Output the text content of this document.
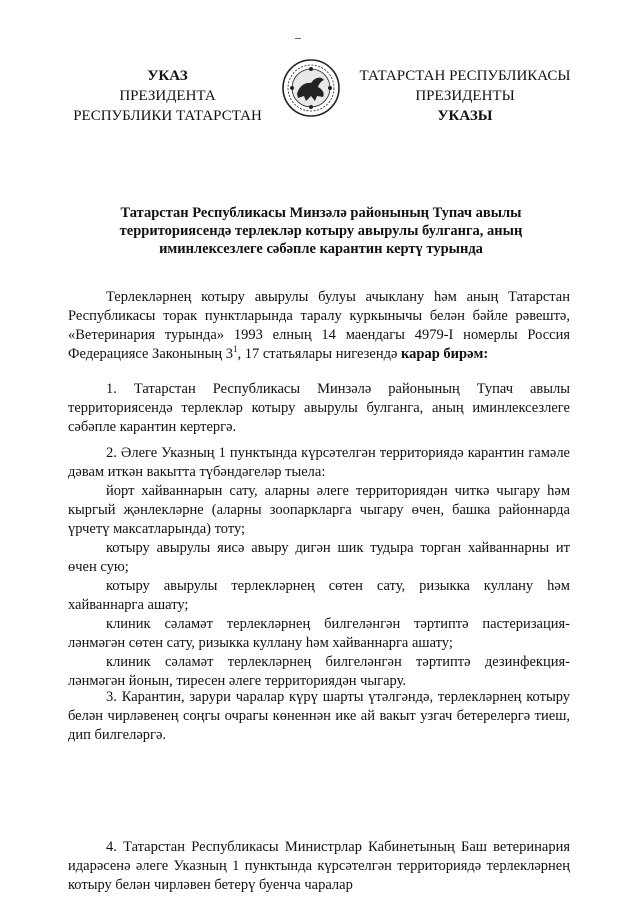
УКАЗ
ПРЕЗИДЕНТА
РЕСПУБЛИКИ ТАТАРСТАН
ТАТАРСТАН РЕСПУБЛИКАСЫ
ПРЕЗИДЕНТЫ
УКАЗЫ
Татарстан Республикасы Минзәлә районының Тупач авылы
территориясендә терлекләр котыру авырулы булганга, аның
иминлексезлеге сәбәпле карантин кертү турында

Терлекләрнең котыру авырулы булуы ачыклану һәм аның Татарстан Республикасы торак пунктларында таралу куркынычы белән бәйле рәвештә, «Ветеринария турында» 1993 елның 14 маендагы 4979-I номерлы Россия Федерациясе Законының $3^1$, 17 статьялары нигезендә карар бирәм:

1. Татарстан Республикасы Минзәлә районының Тупач авылы территориясендә терлекләр котыру авырулы булганга, аның иминлексезлеге сәбәпле карантин кертергә.

2. Әлеге Указның 1 пунктында күрсәтелгән территориядә карантин гамәле дәвам иткән вакытта түбәндәгеләр тыела:

йорт хайваннарын сату, аларны әлеге территориядән читкә чыгару һәм кыргый җәнлекләрне (аларны зоопаркларга чыгару өчен, башка районнарда үрчетү максатларында) тоту;

котыру авырулы яисә авыру дигән шик тудыра торган хайваннарны ит өчен сую;

котыру авырулы терлекләрнең сөтен сату, ризыкка куллану һәм хайваннарга ашату;

клиник сәламәт терлекләрнең билгеләнгән тәртиптә пастеризация-ләнмәгән сөтен сату, ризыкка куллану һәм хайваннарга ашату;

клиник сәламәт терлекләрнең билгеләнгән тәртиптә дезинфекция-ләнмәгән йонын, тиресен әлеге территориядән чыгару.

3. Карантин, зарури чаралар күрү шарты үтәлгәндә, терлекләрнең котыру белән чирләвенең соңгы очрагы көненнән ике ай вакыт узгач бетерелергә тиеш, дип билгеләргә.

4. Татарстан Республикасы Министрлар Кабинетының Баш ветеринария идарәсенә әлеге Указның 1 пунктында күрсәтелгән территориядә терлекләрнең котыру белән чирләвен бетерү буенча чаралар
